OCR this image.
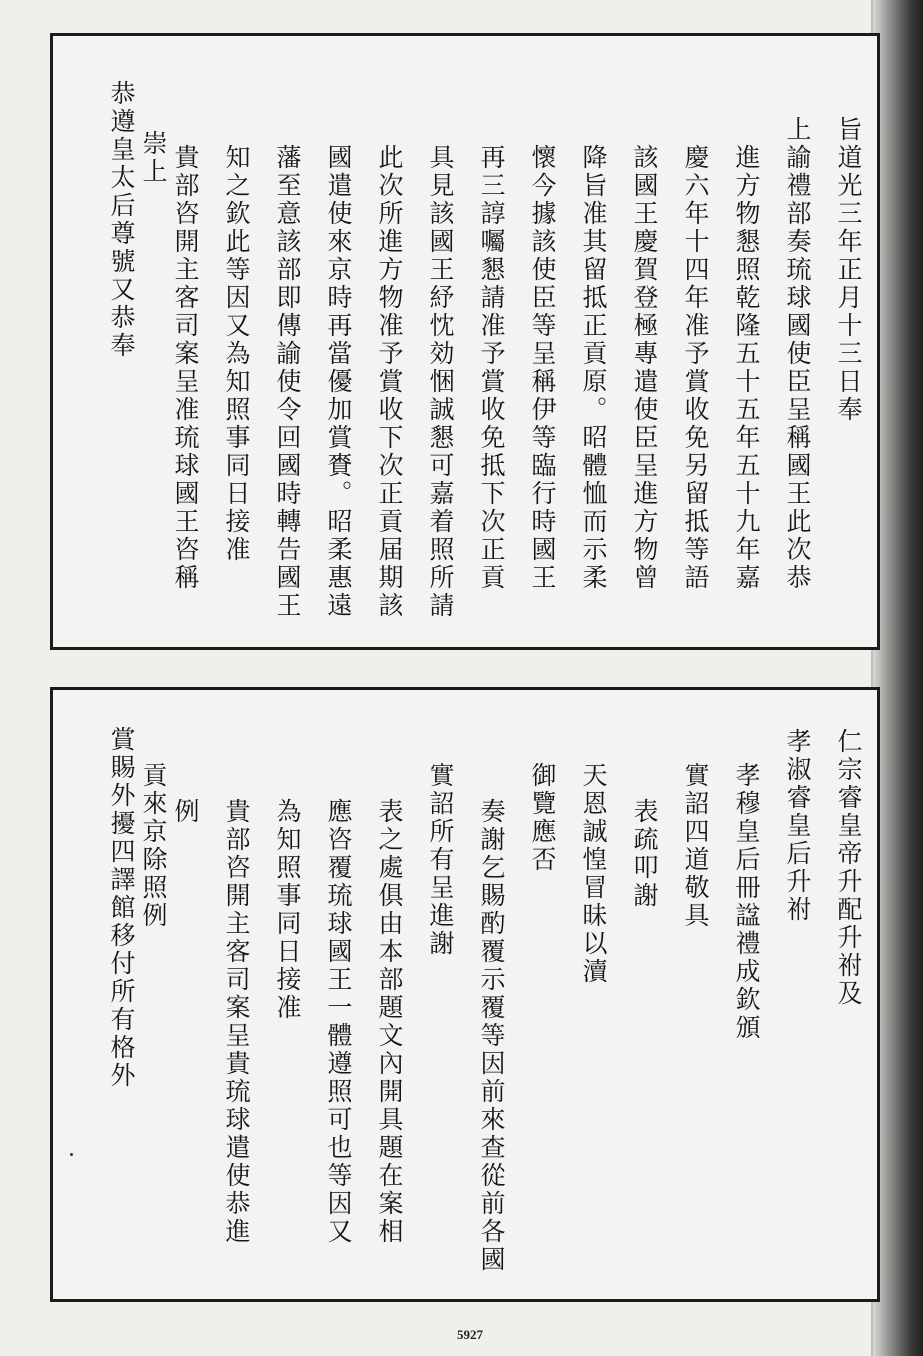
旨道光三年正月十三日奉
上諭禮部奏琉球國使臣呈稱國王此次恭
進方物懇照乾隆五十五年五十九年嘉
慶六年十四年准予賞收免另留抵等語
該國王慶賀登極專遣使臣呈進方物曾
降旨准其留抵正貢原。昭體恤而示柔
懷今據該使臣等呈稱伊等臨行時國王
再三諄囑懇請准予賞收免抵下次正貢
具見該國王紓忱効悃誠懇可嘉着照所請
此次所進方物准予賞收下次正貢届期該
國遣使來京時再當優加賞賚。昭柔惠遠
藩至意該部即傳諭使令回國時轉告國王
知之欽此等因又為知照事同日接准
貴部咨開主客司案呈准琉球國王咨稱
崇上
恭遵皇太后尊號又恭奉
仁宗睿皇帝升配升祔及
孝淑睿皇后升祔
孝穆皇后冊諡禮成欽頒
實詔四道敬具
表疏叩謝
天恩誠惶冒昧以瀆
御覽應否
奏謝乞賜酌覆示覆等因前來查從前各國
實詔所有呈進謝
表之處俱由本部題文內開具題在案相
應咨覆琉球國王一體遵照可也等因又
為知照事同日接准
貴部咨開主客司案呈貴琉球遣使恭進
例
貢來京除照例
賞賜外擾四譯館移付所有格外
5927
